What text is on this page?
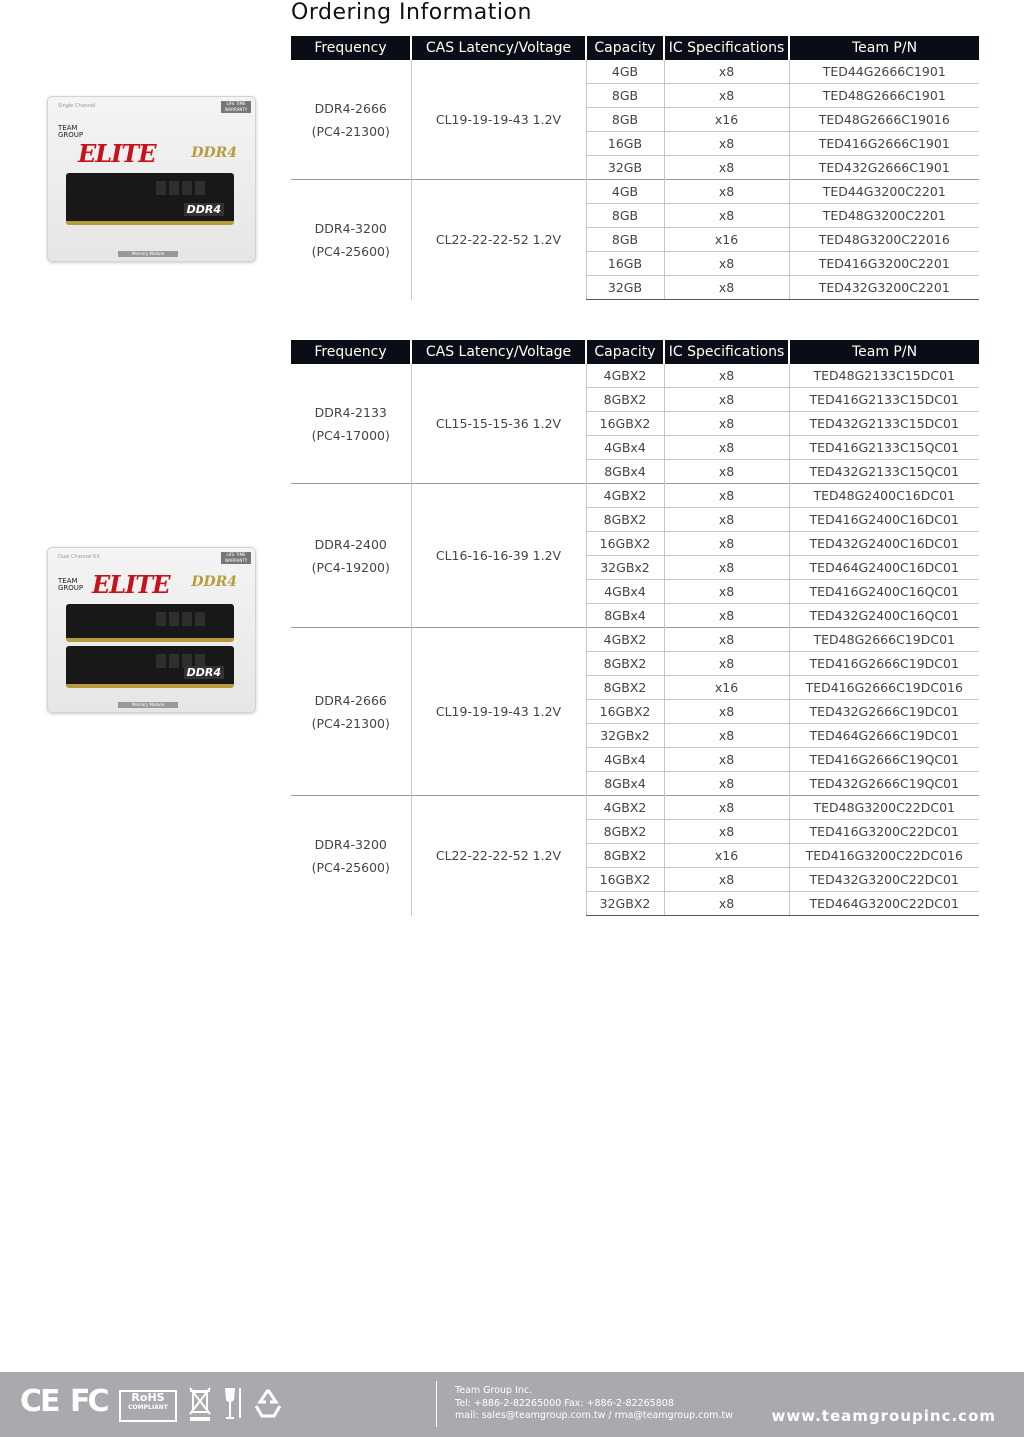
Ordering Information
Frequency	CAS Latency/Voltage	Capacity	IC Specifications	Team P/N

DDR4-2666
(PC4-21300)	CL19-19-19-43 1.2V	4GB	x8	TED44G2666C1901
		8GB	x8	TED48G2666C1901
		8GB	x16	TED48G2666C19016
		16GB	x8	TED416G2666C1901
		32GB	x8	TED432G2666C1901

DDR4-3200
(PC4-25600)	CL22-22-22-52 1.2V	4GB	x8	TED44G3200C2201
		8GB	x8	TED48G3200C2201
		8GB	x16	TED48G3200C22016
		16GB	x8	TED416G3200C2201
		32GB	x8	TED432G3200C2201
Frequency	CAS Latency/Voltage	Capacity	IC Specifications	Team P/N

DDR4-2133
(PC4-17000)	CL15-15-15-36 1.2V	4GBX2	x8	TED48G2133C15DC01
		8GBX2	x8	TED416G2133C15DC01
		16GBX2	x8	TED432G2133C15DC01
		4GBx4	x8	TED416G2133C15QC01
		8GBx4	x8	TED432G2133C15QC01

DDR4-2400
(PC4-19200)	CL16-16-16-39 1.2V	4GBX2	x8	TED48G2400C16DC01
		8GBX2	x8	TED416G2400C16DC01
		16GBX2	x8	TED432G2400C16DC01
		32GBx2	x8	TED464G2400C16DC01
		4GBx4	x8	TED416G2400C16QC01
		8GBx4	x8	TED432G2400C16QC01

DDR4-2666
(PC4-21300)	CL19-19-19-43 1.2V	4GBX2	x8	TED48G2666C19DC01
		8GBX2	x8	TED416G2666C19DC01
		8GBX2	x16	TED416G2666C19DC016
		16GBX2	x8	TED432G2666C19DC01
		32GBx2	x8	TED464G2666C19DC01
		4GBx4	x8	TED416G2666C19QC01
		8GBx4	x8	TED432G2666C19QC01

DDR4-3200
(PC4-25600)	CL22-22-22-52 1.2V	4GBX2	x8	TED48G3200C22DC01
		8GBX2	x8	TED416G3200C22DC01
		8GBX2	x16	TED416G3200C22DC016
		16GBX2	x8	TED432G3200C22DC01
		32GBX2	x8	TED464G3200C22DC01
Single Channel	LIFE TIME WARRANTY
TEAM GROUP
ELITE	DDR4
DDR4
Memory Module
Dual Channel Kit	LIFE TIME WARRANTY
TEAM GROUP ELITE DDR4
DDR4
Memory Module
CE FC	RoHS
COMPLIANT
Team Group Inc.
Tel: +886-2-82265000 Fax: +886-2-82265808
mail: sales@teamgroup.com.tw / rma@teamgroup.com.tw	www.teamgroupinc.com
